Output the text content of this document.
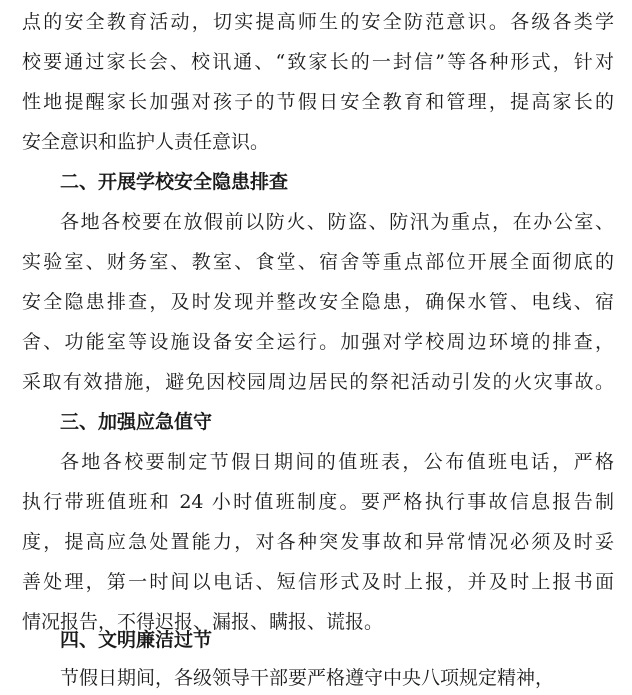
点的安全教育活动，切实提高师生的安全防范意识。各级各类学
校要通过家长会、校讯通、“致家长的一封信”等各种形式，针对
性地提醒家长加强对孩子的节假日安全教育和管理，提高家长的
安全意识和监护人责任意识。
二、开展学校安全隐患排查
各地各校要在放假前以防火、防盗、防汛为重点，在办公室、
实验室、财务室、教室、食堂、宿舍等重点部位开展全面彻底的
安全隐患排查，及时发现并整改安全隐患，确保水管、电线、宿
舍、功能室等设施设备安全运行。加强对学校周边环境的排查，
采取有效措施，避免因校园周边居民的祭祀活动引发的火灾事故。
三、加强应急值守
各地各校要制定节假日期间的值班表，公布值班电话，严格
执行带班值班和 24 小时值班制度。要严格执行事故信息报告制
度，提高应急处置能力，对各种突发事故和异常情况必须及时妥
善处理，第一时间以电话、短信形式及时上报，并及时上报书面
情况报告，不得迟报、漏报、瞒报、谎报。
四、文明廉洁过节
节假日期间，各级领导干部要严格遵守中央八项规定精神，
